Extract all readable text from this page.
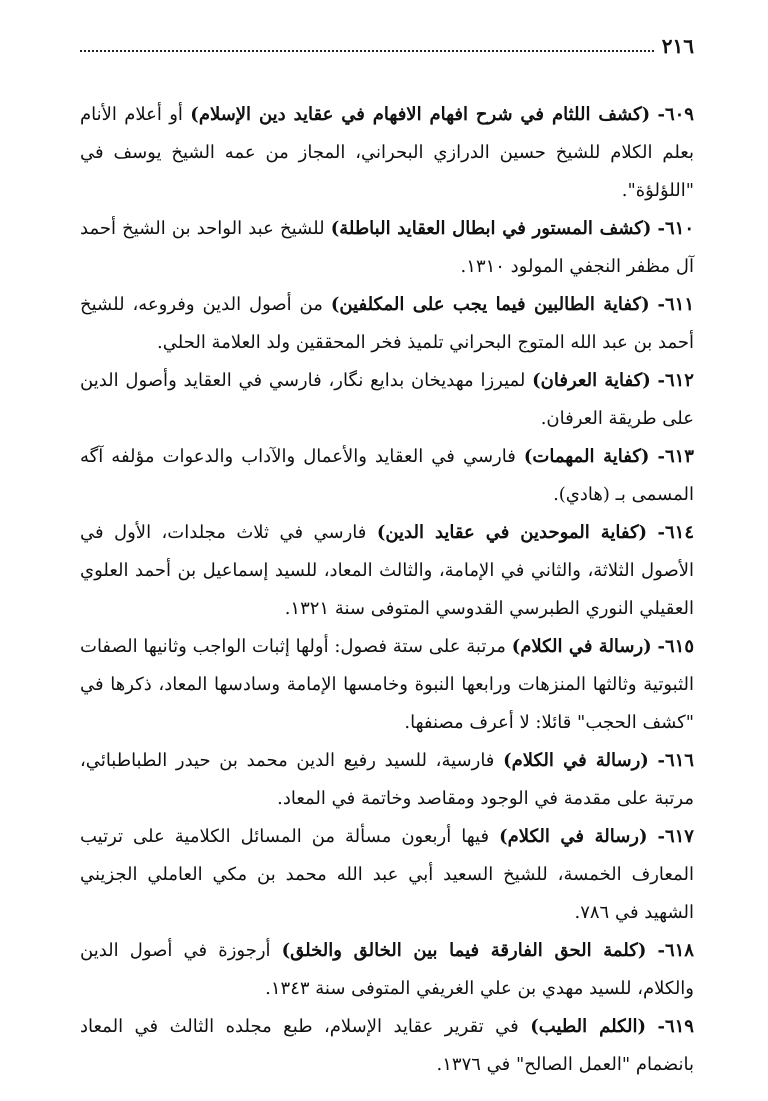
٢١٦

٦٠٩- (كشف اللثام في شرح افهام الافهام في عقايد دين الإسلام) أو أعلام الأنام بعلم الكلام للشيخ حسين الدرازي البحراني، المجاز من عمه الشيخ يوسف في "اللؤلؤة".

٦١٠- (كشف المستور في ابطال العقايد الباطلة) للشيخ عبد الواحد بن الشيخ أحمد آل مظفر النجفي المولود ١٣١٠.

٦١١- (كفاية الطالبين فيما يجب على المكلفين) من أصول الدين وفروعه، للشيخ أحمد بن عبد الله المتوج البحراني تلميذ فخر المحققين ولد العلامة الحلي.

٦١٢- (كفاية العرفان) لميرزا مهديخان بدايع نگار، فارسي في العقايد وأصول الدين على طريقة العرفان.

٦١٣- (كفاية المهمات) فارسي في العقايد والأعمال والآداب والدعوات مؤلفه آگه المسمى بـ (هادي).

٦١٤- (كفاية الموحدين في عقايد الدين) فارسي في ثلاث مجلدات، الأول في الأصول الثلاثة، والثاني في الإمامة، والثالث المعاد، للسيد إسماعيل بن أحمد العلوي العقيلي النوري الطبرسي القدوسي المتوفى سنة ١٣٢١.

٦١٥- (رسالة في الكلام) مرتبة على ستة فصول: أولها إثبات الواجب وثانيها الصفات الثبوتية وثالثها المنزهات ورابعها النبوة وخامسها الإمامة وسادسها المعاد، ذكرها في "كشف الحجب" قائلا: لا أعرف مصنفها.

٦١٦- (رسالة في الكلام) فارسية، للسيد رفيع الدين محمد بن حيدر الطباطبائي، مرتبة على مقدمة في الوجود ومقاصد وخاتمة في المعاد.

٦١٧- (رسالة في الكلام) فيها أربعون مسألة من المسائل الكلامية على ترتيب المعارف الخمسة، للشيخ السعيد أبي عبد الله محمد بن مكي العاملي الجزيني الشهيد في ٧٨٦.

٦١٨- (كلمة الحق الفارقة فيما بين الخالق والخلق) أرجوزة في أصول الدين والكلام، للسيد مهدي بن علي الغريفي المتوفى سنة ١٣٤٣.

٦١٩- (الكلم الطيب) في تقرير عقايد الإسلام، طبع مجلده الثالث في المعاد بانضمام "العمل الصالح" في ١٣٧٦.
